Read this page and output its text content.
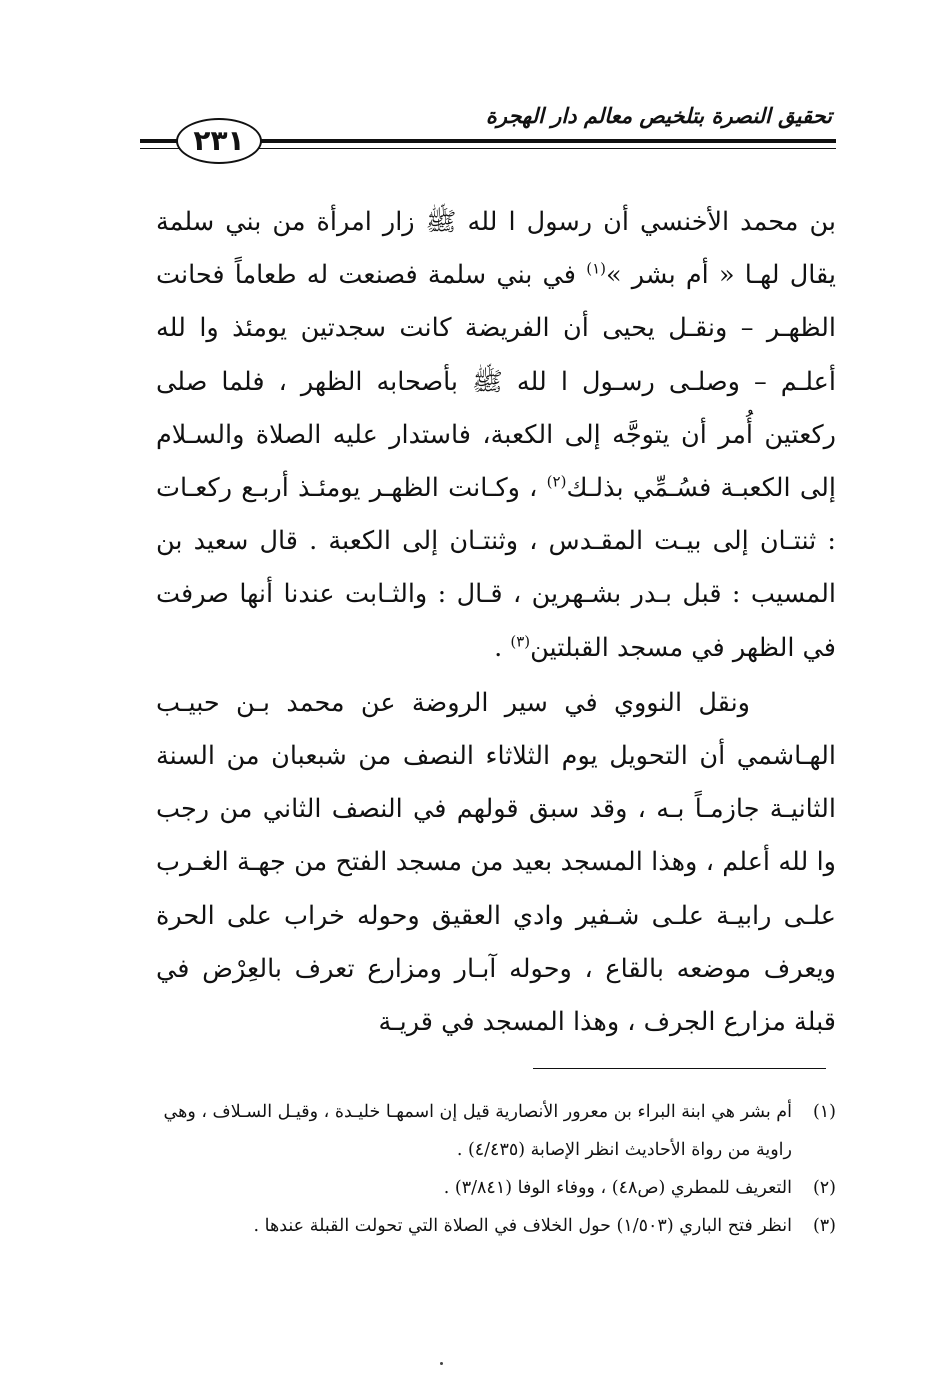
تحقيق النصرة بتلخيص معالم دار الهجرة
٢٣١

بن محمد الأخنسي أن رسول ا لله ﷺ زار امرأة من بني سلمة يقال لهـا « أم بشر »$^{(١)}$ في بني سلمة فصنعت له طعاماً فحانت الظهـر – ونقـل يحيى أن الفريضة كانت سجدتين يومئذ وا لله أعلـم – وصلـى رسـول ا لله ﷺ بأصحابه الظهر ، فلما صلى ركعتين أُمر أن يتوجَّه إلى الكعبة، فاستدار عليه الصلاة والسـلام إلى الكعبـة فسُـمِّي بذلـك$^{(٢)}$ ، وكـانت الظهـر يومئـذ أربـع ركعـات : ثنتـان إلى بيـت المقـدس ، وثنتـان إلى الكعبة . قال سعيد بن المسيب : قبل بـدر بشـهرين ، قـال : والثـابت عندنا أنها صرفت في الظهر في مسجد القبلتين$^{(٣)}$ .

ونقل النووي في سير الروضة عن محمد بـن حبيـب الهـاشمي أن التحويل يوم الثلاثاء النصف من شبعبان من السنة الثانيـة جازمـاً بـه ، وقد سبق قولهم في النصف الثاني من رجب وا لله أعلم ، وهذا المسجد بعيد من مسجد الفتح من جهـة الغـرب علـى رابيـة علـى شـفير وادي العقيق وحوله خراب على الحرة ويعرف موضعه بالقاع ، وحوله آبـار ومزارع تعرف بالعِرْض في قبلة مزارع الجرف ، وهذا المسجد في قريـة

(١)
أم بشر هي ابنة البراء بن معرور الأنصارية قيل إن اسمهـا خليـدة ، وقيـل السـلاف ، وهي راوية من رواة الأحاديث انظر الإصابة (٤/٤٣٥) .

(٢)
التعريف للمطري (ص٤٨) ، ووفاء الوفا (٣/٨٤١) .

(٣)
انظر فتح الباري (١/٥٠٣) حول الخلاف في الصلاة التي تحولت القبلة عندها .
